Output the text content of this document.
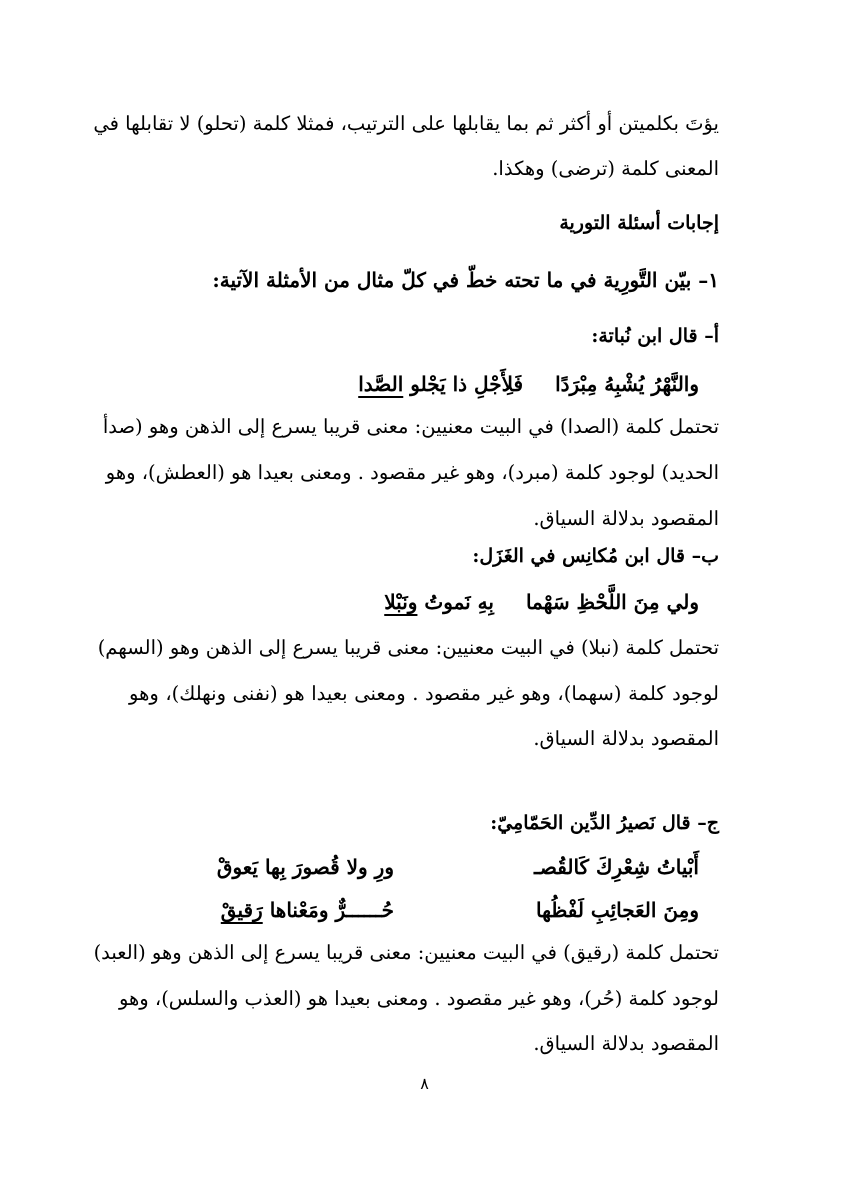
يؤتَ بكلميتن أو أكثر ثم بما يقابلها على الترتيب، فمثلا كلمة (تحلو) لا تقابلها في
المعنى كلمة (ترضى) وهكذا.
إجابات أسئلة التورية
١– بيّن التَّورِية في ما تحته خطّ في كلّ مثال من الأمثلة الآتية:
أ– قال ابن نُباتة:
والنَّهْرُ يُشْبِهُ مِبْرَدًافَلِأَجْلِ ذا يَجْلو الصَّدا
تحتمل كلمة (الصدا) في البيت معنيين: معنى قريبا يسرع إلى الذهن وهو (صدأ
الحديد) لوجود كلمة (مبرد)، وهو غير مقصود . ومعنى بعيدا هو (العطش)، وهو
المقصود بدلالة السياق.
ب– قال ابن مُكانِس في الغَزَل:
ولي مِنَ اللَّحْظِ سَهْمابِهِ نَموتُ ونَبْلا
تحتمل كلمة (نبلا) في البيت معنيين: معنى قريبا يسرع إلى الذهن وهو (السهم)
لوجود كلمة (سهما)، وهو غير مقصود . ومعنى بعيدا هو (نفنى ونهلك)، وهو
المقصود بدلالة السياق.
ج– قال نَصيرُ الدِّين الحَمّامِيّ:
أَبْياتُ شِعْرِكَ كَالقُصـ
ورِ ولا قُصورَ بِها يَعوقْ
ومِنَ العَجائِبِ لَفْظُها
حُــــــرٌّ ومَعْناها رَقيقْ
تحتمل كلمة (رقيق) في البيت معنيين: معنى قريبا يسرع إلى الذهن وهو (العبد)
لوجود كلمة (حُر)، وهو غير مقصود . ومعنى بعيدا هو (العذب والسلس)، وهو
المقصود بدلالة السياق.
٨
